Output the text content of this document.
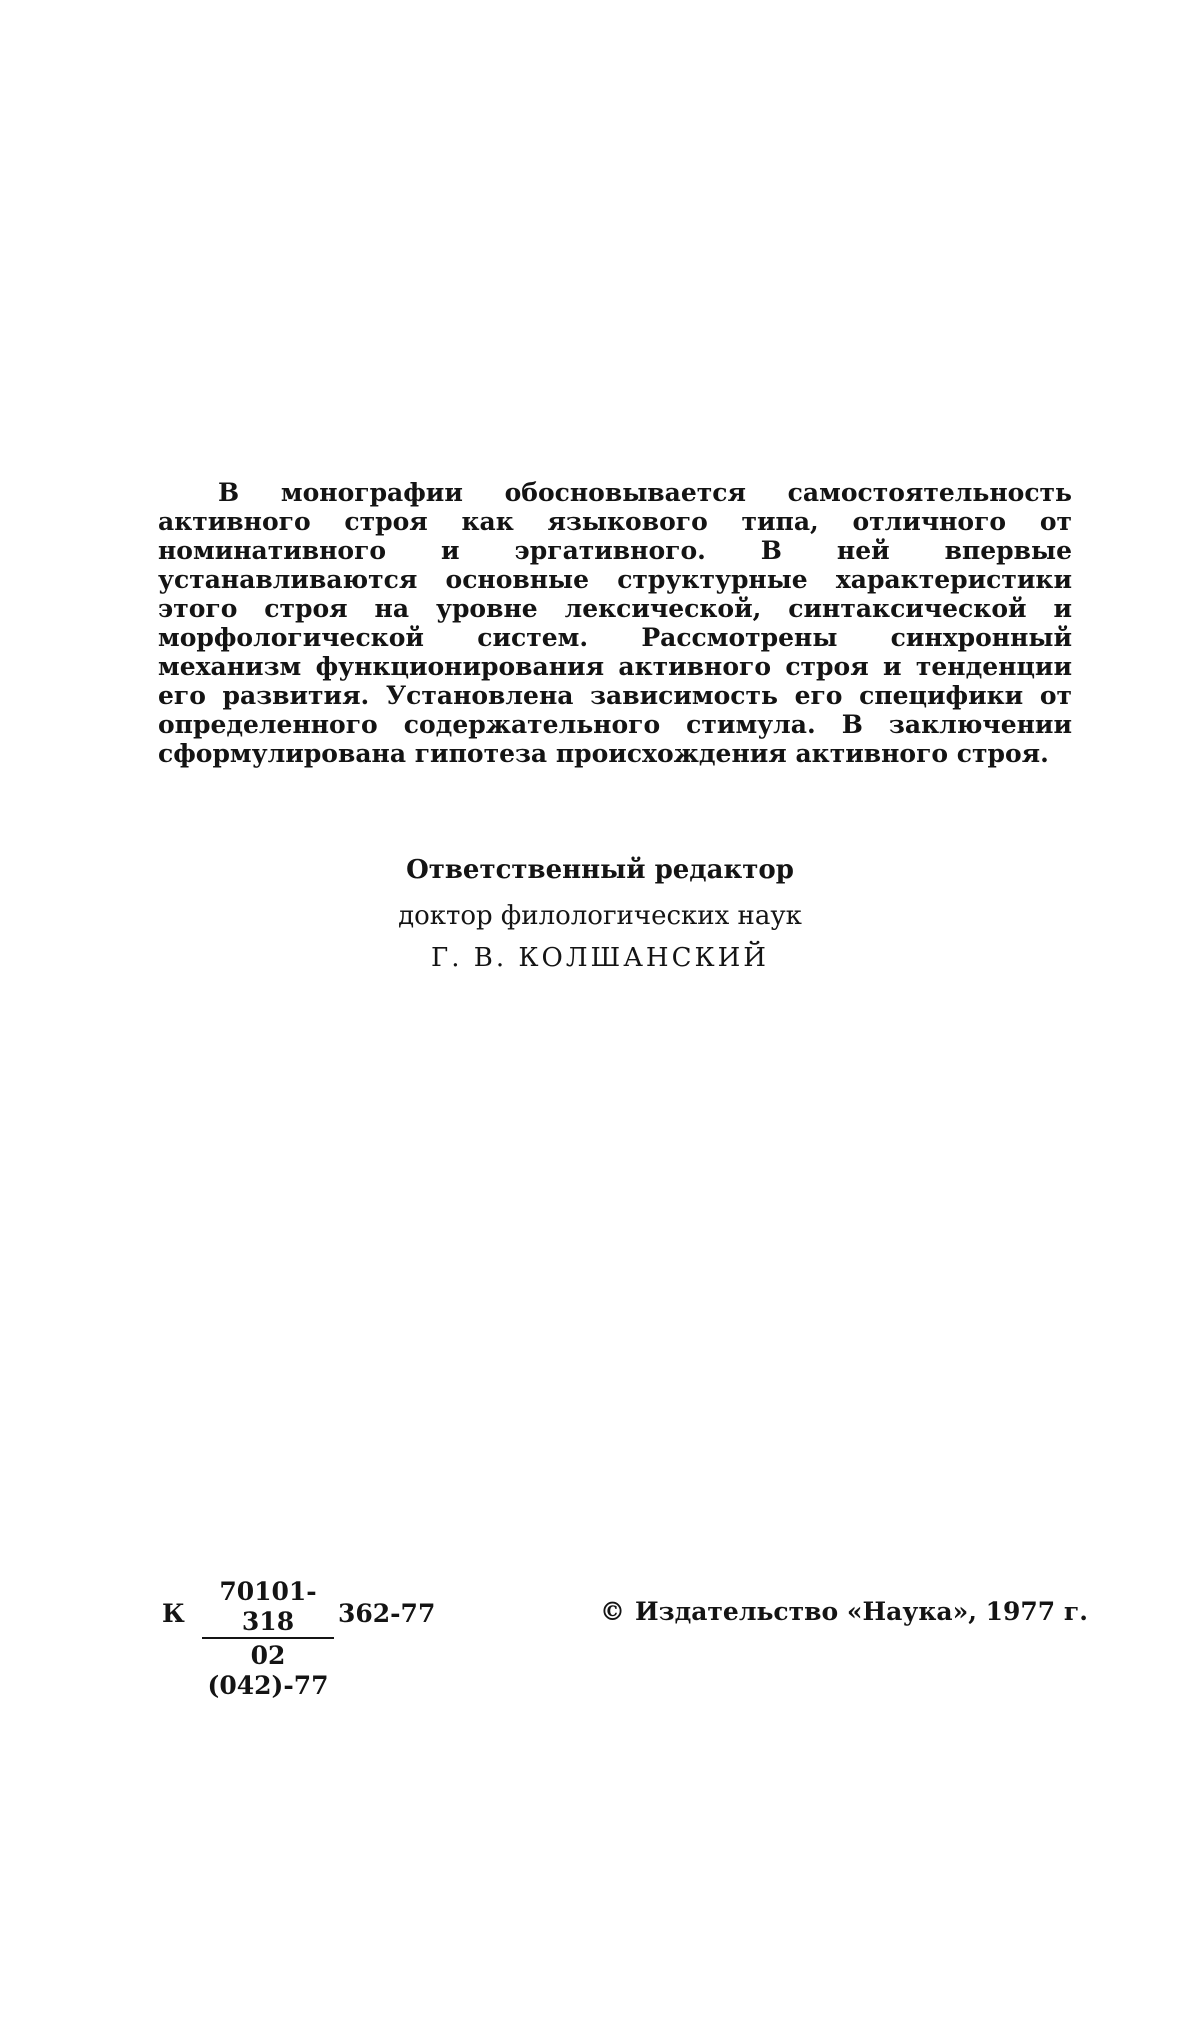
В монографии обосновывается самостоятельность активного строя как языкового типа, отличного от номинативного и эргативного. В ней впервые устанавливаются основные структурные характеристики этого строя на уровне лексической, синтаксической и морфологической систем. Рассмотрены синхронный механизм функционирования активного строя и тенденции его развития. Установлена зависимость его специфики от определенного содержательного стимула. В заключении сформулирована гипотеза происхождения активного строя.

Ответственный редактор
доктор филологических наук
Г. В. КОЛШАНСКИЙ
К $\frac{70101-318}{02 (042)-77} 362-77$	© Издательство «Наука», 1977 г.
